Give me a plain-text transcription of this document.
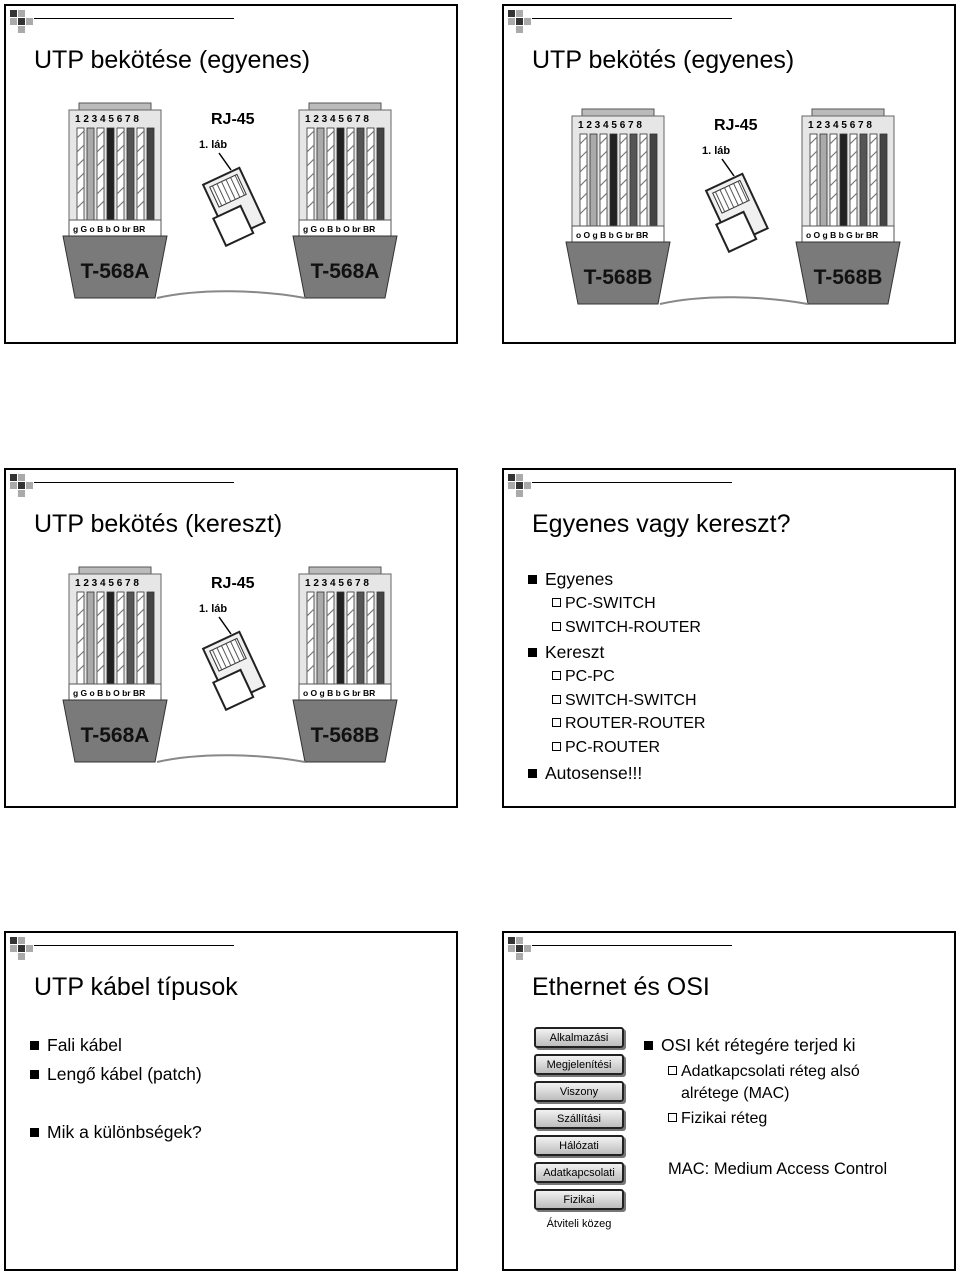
UTP bekötése (egyenes)
1 2 3 4 5 6 7 8
g G o B b O br BR
T-568A
1 2 3 4 5 6 7 8
g G o B b O br BR
T-568A
RJ-45
1. láb
UTP bekötés (egyenes)
1 2 3 4 5 6 7 8
o O g B b G br BR
T-568B
1 2 3 4 5 6 7 8
o O g B b G br BR
T-568B
RJ-45
1. láb
UTP bekötés (kereszt)
1 2 3 4 5 6 7 8
g G o B b O br BR
T-568A
1 2 3 4 5 6 7 8
o O g B b G br BR
T-568B
RJ-45
1. láb
Egyenes vagy kereszt?
Egyenes
PC-SWITCH
SWITCH-ROUTER
Kereszt
PC-PC
SWITCH-SWITCH
ROUTER-ROUTER
PC-ROUTER
Autosense!!!
UTP kábel típusok
Fali kábel
Lengő kábel (patch)
Mik a különbségek?
Ethernet és OSI
Alkalmazási
Megjelenítési
Viszony
Szállítási
Hálózati
Adatkapcsolati
Fizikai
Átviteli közeg
OSI két rétegére terjed ki
Adatkapcsolati réteg alsó
alrétege (MAC)
Fizikai réteg
MAC: Medium Access Control
